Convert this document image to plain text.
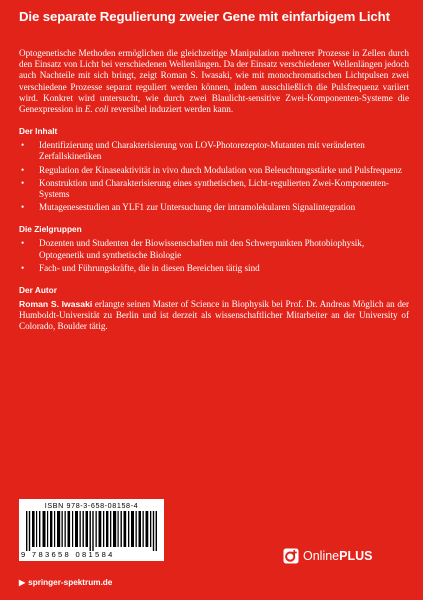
Die separate Regulierung zweier Gene mit einfarbigem Licht

Optogenetische Methoden ermöglichen die gleichzeitige Manipulation mehrerer Prozesse in Zellen durch den Einsatz von Licht bei verschiedenen Wellenlängen. Da der Einsatz verschiedener Wellenlängen jedoch auch Nachteile mit sich bringt, zeigt Roman S. Iwasaki, wie mit monochromatischen Lichtpulsen zwei verschiedene Prozesse separat reguliert werden können, indem ausschließlich die Pulsfrequenz variiert wird. Konkret wird untersucht, wie durch zwei Blaulicht-sensitive Zwei-Komponenten-Systeme die Genexpression in E. coli reversibel induziert werden kann.

Der Inhalt
• Identifizierung und Charakterisierung von LOV-Photorezeptor-Mutanten mit veränderten Zerfallskinetiken
• Regulation der Kinaseaktivität in vivo durch Modulation von Beleuchtungsstärke und Pulsfrequenz
• Konstruktion und Charakterisierung eines synthetischen, Licht-regulierten Zwei-Komponenten-Systems
• Mutagenesestudien an YLF1 zur Untersuchung der intramolekularen Signalintegration
Die Zielgruppen
• Dozenten und Studenten der Biowissenschaften mit den Schwerpunkten Photobiophysik, Optogenetik und synthetische Biologie
• Fach- und Führungskräfte, die in diesen Bereichen tätig sind
Der Autor

Roman S. Iwasaki erlangte seinen Master of Science in Biophysik bei Prof. Dr. Andreas Möglich an der Humboldt-Universität zu Berlin und ist derzeit als wissenschaftlicher Mitarbeiter an der University of Colorado, Boulder tätig.

ISBN 978-3-658-08158-4
9 783658 081584	OnlinePLUS
▶ springer-spektrum.de
